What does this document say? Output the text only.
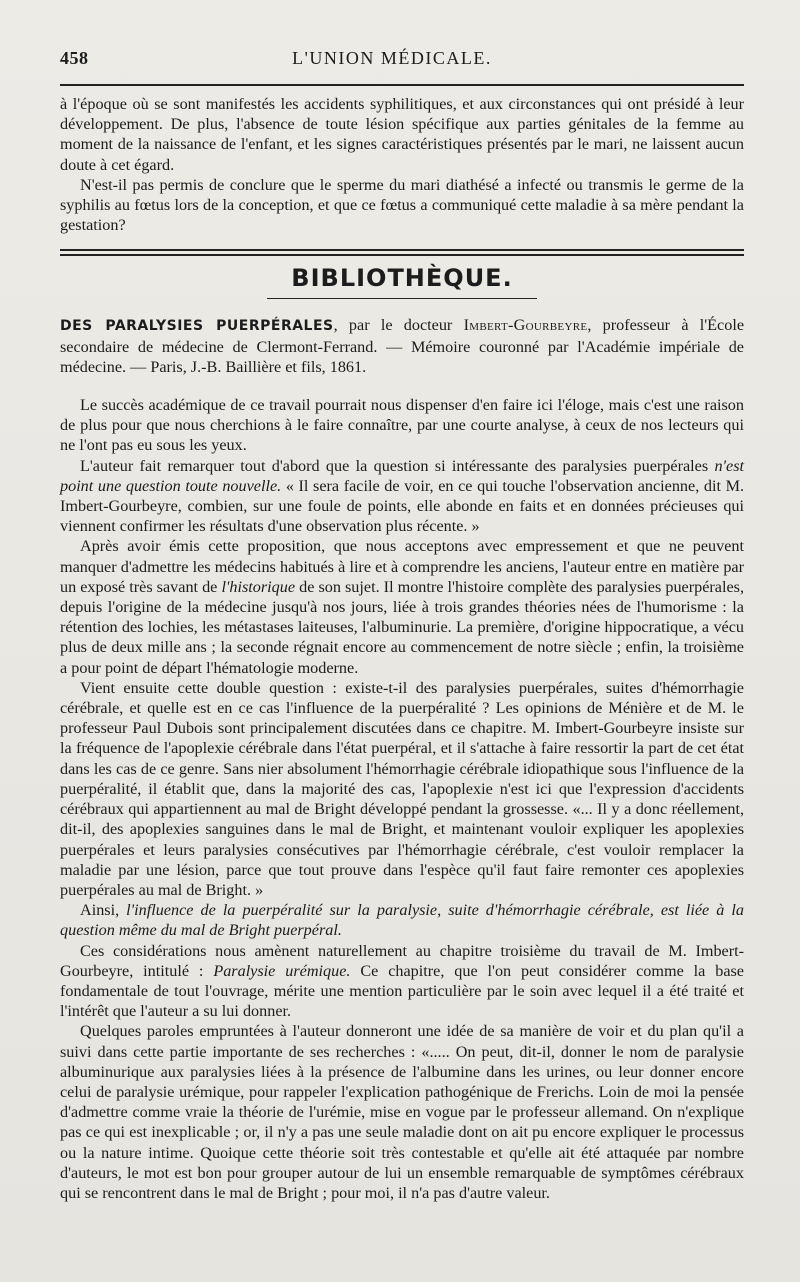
458	L'UNION MÉDICALE.

à l'époque où se sont manifestés les accidents syphilitiques, et aux circonstances qui ont présidé à leur développement. De plus, l'absence de toute lésion spécifique aux parties génitales de la femme au moment de la naissance de l'enfant, et les signes caractéristiques présentés par le mari, ne laissent aucun doute à cet égard.

N'est-il pas permis de conclure que le sperme du mari diathésé a infecté ou transmis le germe de la syphilis au fœtus lors de la conception, et que ce fœtus a communiqué cette maladie à sa mère pendant la gestation?

BIBLIOTHÈQUE.

DES PARALYSIES PUERPÉRALES, par le docteur Imbert-Gourbeyre, professeur à l'École secondaire de médecine de Clermont-Ferrand. — Mémoire couronné par l'Académie impériale de médecine. — Paris, J.-B. Baillière et fils, 1861.

Le succès académique de ce travail pourrait nous dispenser d'en faire ici l'éloge, mais c'est une raison de plus pour que nous cherchions à le faire connaître, par une courte analyse, à ceux de nos lecteurs qui ne l'ont pas eu sous les yeux.

L'auteur fait remarquer tout d'abord que la question si intéressante des paralysies puerpérales n'est point une question toute nouvelle. « Il sera facile de voir, en ce qui touche l'observation ancienne, dit M. Imbert-Gourbeyre, combien, sur une foule de points, elle abonde en faits et en données précieuses qui viennent confirmer les résultats d'une observation plus récente. »

Après avoir émis cette proposition, que nous acceptons avec empressement et que ne peuvent manquer d'admettre les médecins habitués à lire et à comprendre les anciens, l'auteur entre en matière par un exposé très savant de l'historique de son sujet. Il montre l'histoire complète des paralysies puerpérales, depuis l'origine de la médecine jusqu'à nos jours, liée à trois grandes théories nées de l'humorisme : la rétention des lochies, les métastases laiteuses, l'albuminurie. La première, d'origine hippocratique, a vécu plus de deux mille ans ; la seconde régnait encore au commencement de notre siècle ; enfin, la troisième a pour point de départ l'hématologie moderne.

Vient ensuite cette double question : existe-t-il des paralysies puerpérales, suites d'hémorrhagie cérébrale, et quelle est en ce cas l'influence de la puerpéralité ? Les opinions de Ménière et de M. le professeur Paul Dubois sont principalement discutées dans ce chapitre. M. Imbert-Gourbeyre insiste sur la fréquence de l'apoplexie cérébrale dans l'état puerpéral, et il s'attache à faire ressortir la part de cet état dans les cas de ce genre. Sans nier absolument l'hémorrhagie cérébrale idiopathique sous l'influence de la puerpéralité, il établit que, dans la majorité des cas, l'apoplexie n'est ici que l'expression d'accidents cérébraux qui appartiennent au mal de Bright développé pendant la grossesse. «... Il y a donc réellement, dit-il, des apoplexies sanguines dans le mal de Bright, et maintenant vouloir expliquer les apoplexies puerpérales et leurs paralysies consécutives par l'hémorrhagie cérébrale, c'est vouloir remplacer la maladie par une lésion, parce que tout prouve dans l'espèce qu'il faut faire remonter ces apoplexies puerpérales au mal de Bright. »

Ainsi, l'influence de la puerpéralité sur la paralysie, suite d'hémorrhagie cérébrale, est liée à la question même du mal de Bright puerpéral.

Ces considérations nous amènent naturellement au chapitre troisième du travail de M. Imbert-Gourbeyre, intitulé : Paralysie urémique. Ce chapitre, que l'on peut considérer comme la base fondamentale de tout l'ouvrage, mérite une mention particulière par le soin avec lequel il a été traité et l'intérêt que l'auteur a su lui donner.

Quelques paroles empruntées à l'auteur donneront une idée de sa manière de voir et du plan qu'il a suivi dans cette partie importante de ses recherches : «..... On peut, dit-il, donner le nom de paralysie albuminurique aux paralysies liées à la présence de l'albumine dans les urines, ou leur donner encore celui de paralysie urémique, pour rappeler l'explication pathogénique de Frerichs. Loin de moi la pensée d'admettre comme vraie la théorie de l'urémie, mise en vogue par le professeur allemand. On n'explique pas ce qui est inexplicable ; or, il n'y a pas une seule maladie dont on ait pu encore expliquer le processus ou la nature intime. Quoique cette théorie soit très contestable et qu'elle ait été attaquée par nombre d'auteurs, le mot est bon pour grouper autour de lui un ensemble remarquable de symptômes cérébraux qui se rencontrent dans le mal de Bright ; pour moi, il n'a pas d'autre valeur.
